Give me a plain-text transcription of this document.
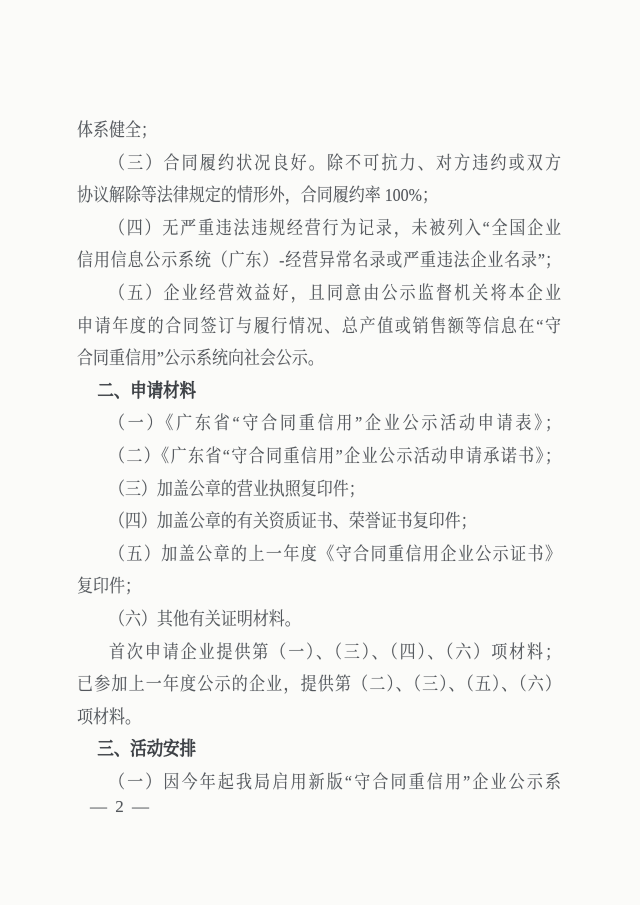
体系健全；
（三）合同履约状况良好。除不可抗力、对方违约或双方
协议解除等法律规定的情形外，合同履约率 100%；
（四）无严重违法违规经营行为记录，未被列入“全国企业
信用信息公示系统（广东）-经营异常名录或严重违法企业名录”；
（五）企业经营效益好，且同意由公示监督机关将本企业
申请年度的合同签订与履行情况、总产值或销售额等信息在“守
合同重信用”公示系统向社会公示。
二、申请材料
（一）《广东省“守合同重信用”企业公示活动申请表》；
（二）《广东省“守合同重信用”企业公示活动申请承诺书》；
（三）加盖公章的营业执照复印件；
（四）加盖公章的有关资质证书、荣誉证书复印件；
（五）加盖公章的上一年度《守合同重信用企业公示证书》
复印件；
（六）其他有关证明材料。
首次申请企业提供第（一）、（三）、（四）、（六）项材料；
已参加上一年度公示的企业，提供第（二）、（三）、（五）、（六）
项材料。
三、活动安排
（一）因今年起我局启用新版“守合同重信用”企业公示系
— 2 —
